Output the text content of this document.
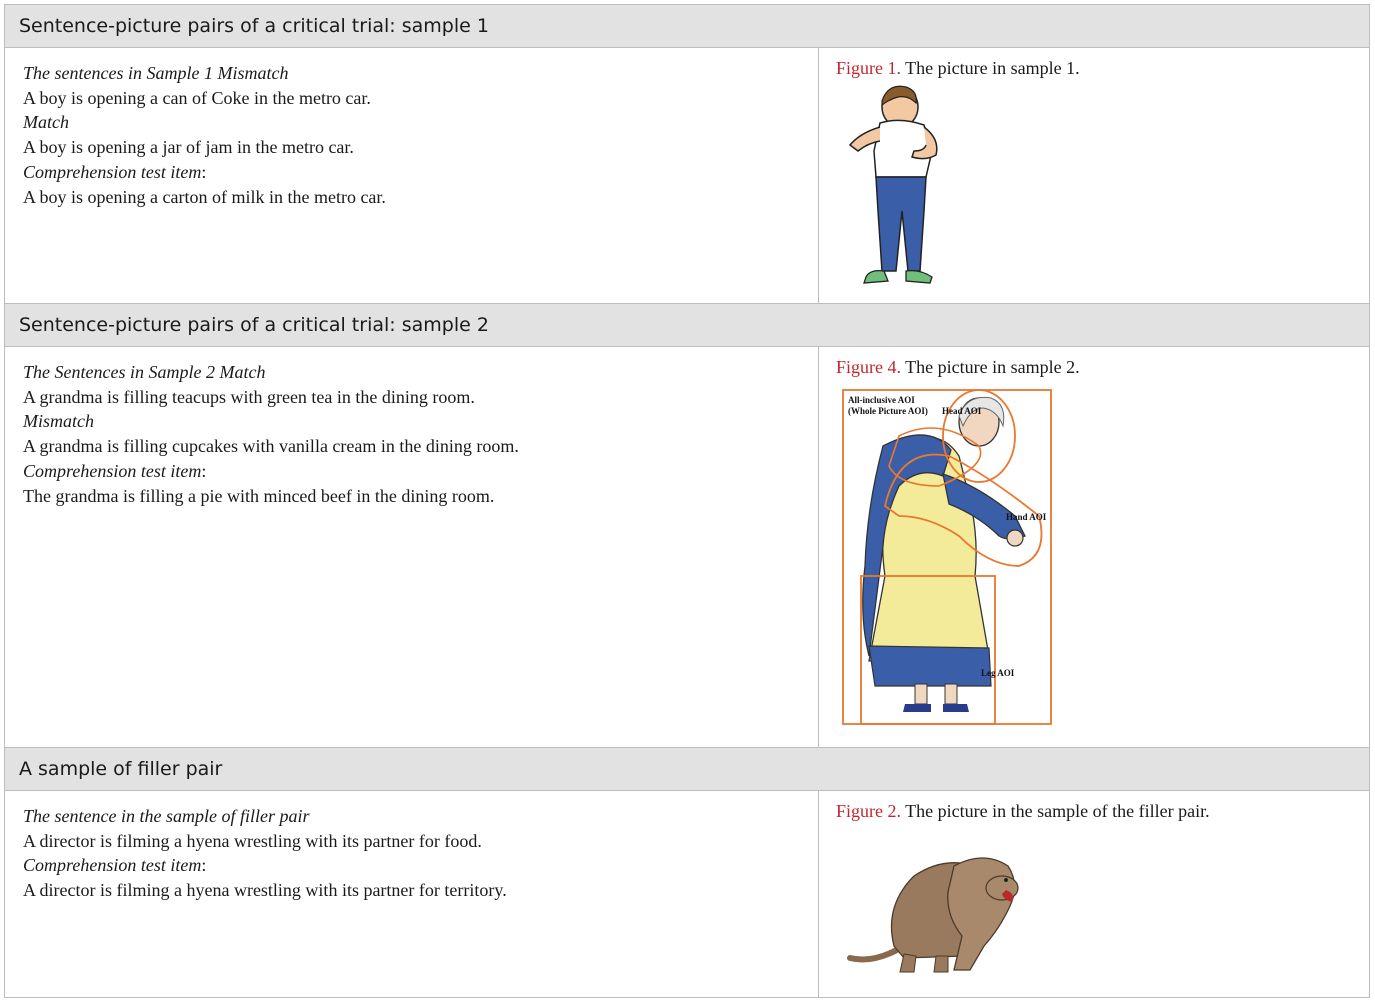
Sentence-picture pairs of a critical trial: sample 1
The sentences in Sample 1 Mismatch
A boy is opening a can of Coke in the metro car.
Match
A boy is opening a jar of jam in the metro car.
Comprehension test item:
A boy is opening a carton of milk in the metro car.
Figure 1. The picture in sample 1.
Sentence-picture pairs of a critical trial: sample 2
The Sentences in Sample 2 Match
A grandma is filling teacups with green tea in the dining room.
Mismatch
A grandma is filling cupcakes with vanilla cream in the dining room.
Comprehension test item:
The grandma is filling a pie with minced beef in the dining room.
Figure 4. The picture in sample 2.
All-inclusive AOI
(Whole Picture AOI) Head AOI
Hand AOI
Leg AOI
A sample of filler pair
The sentence in the sample of filler pair
A director is filming a hyena wrestling with its partner for food.
Comprehension test item:
A director is filming a hyena wrestling with its partner for territory.
Figure 2. The picture in the sample of the filler pair.
